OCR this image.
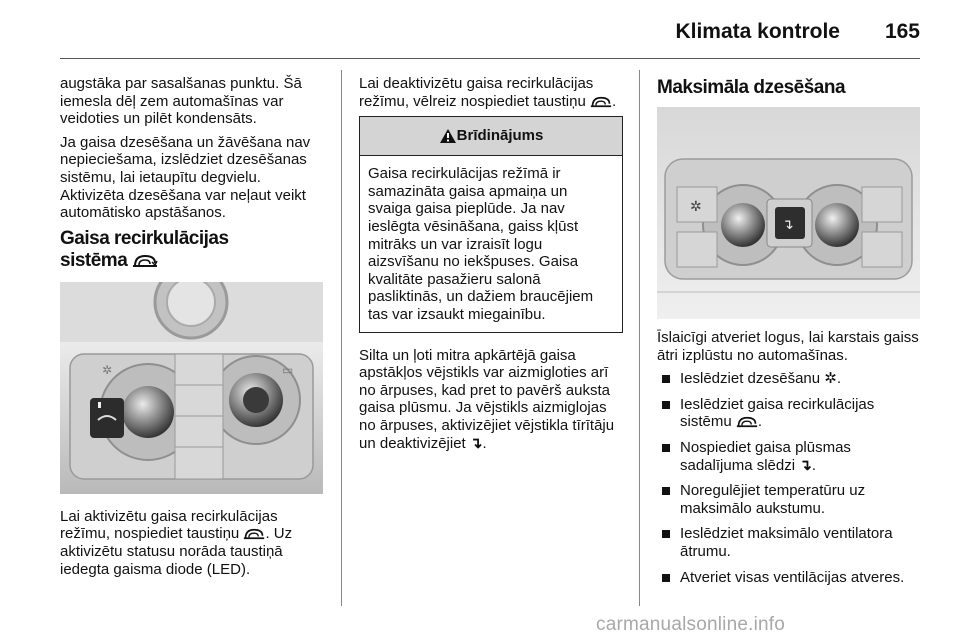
Klimata kontrole 165

augstāka par sasalšanas punktu. Šā iemesla dēļ zem automašīnas var veidoties un pilēt kondensāts.

Ja gaisa dzesēšana un žāvēšana nav nepieciešama, izslēdziet dzesēšanas sistēmu, lai ietaupītu degvielu. Aktivizēta dzesēšana var neļaut veikt automātisko apstāšanos.

Gaisa recirkulācijas
sistēma
✲	▭

Lai aktivizētu gaisa recirkulācijas režīmu, nospiediet taustiņu . Uz aktivizētu statusu norāda taustiņā iedegta gaisma diode (LED).

Lai deaktivizētu gaisa recirkulācijas režīmu, vēlreiz nospiediet taustiņu .

Brīdinājums
Gaisa recirkulācijas režīmā ir samazināta gaisa apmaiņa un svaiga gaisa pieplūde. Ja nav ieslēgta vēsināšana, gaiss kļūst mitrāks un var izraisīt logu aizsvīšanu no iekšpuses. Gaisa kvalitāte pasažieru salonā pasliktinās, un dažiem braucējiem tas var izsaukt miegainību.

Silta un ļoti mitra apkārtējā gaisa apstākļos vējstikls var aizmigloties arī no ārpuses, kad pret to pavērš auksta gaisa plūsmu. Ja vējstikls aizmiglojas no ārpuses, aktivizējiet vējstikla tīrītāju un deaktivizējiet ↴.

Maksimāla dzesēšana
↴
✲

Īslaicīgi atveriet logus, lai karstais gaiss ātri izplūstu no automašīnas.

Ieslēdziet dzesēšanu ✲.
Ieslēdziet gaisa recirkulācijas sistēmu .
Nospiediet gaisa plūsmas sadalījuma slēdzi ↴.
Noregulējiet temperatūru uz maksimālo aukstumu.
Ieslēdziet maksimālo ventilatora ātrumu.
Atveriet visas ventilācijas atveres.
carmanualsonline.info
